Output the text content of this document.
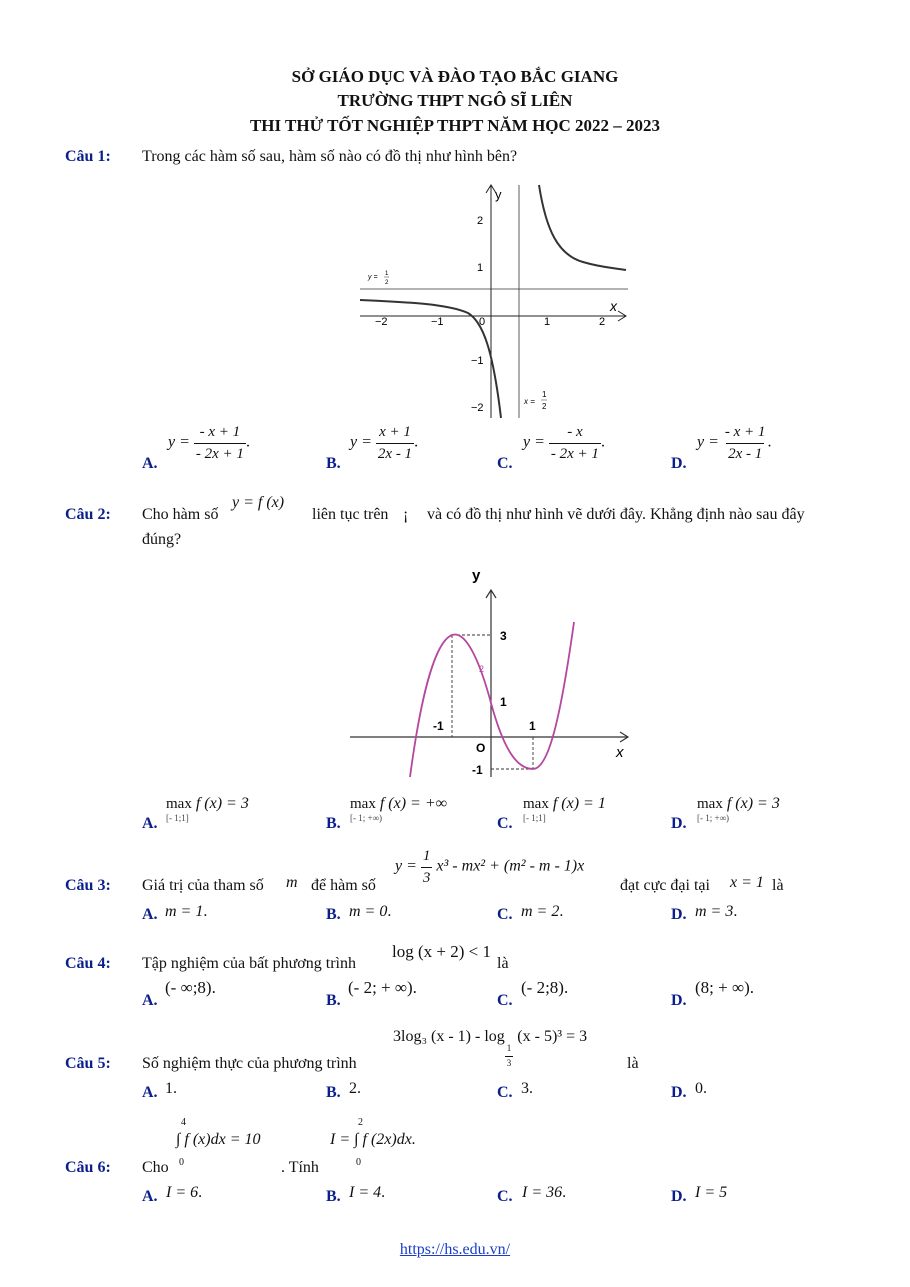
SỞ GIÁO DỤC VÀ ĐÀO TẠO BẮC GIANG
TRƯỜNG THPT NGÔ SĨ LIÊN
THI THỬ TỐT NGHIỆP THPT NĂM HỌC 2022 – 2023
Câu 1: Trong các hàm số sau, hàm số nào có đồ thị như hình bên?
y
x
−2	−1	0	1	2
2
1
−1
−2
y = 1
2
x =
1
2
A.
$y = \frac{- x + 1}{- 2x + 1}$ .
B.
$y = \frac{x + 1}{2x - 1}$ .
C.
$y = \frac{- x}{- 2x + 1}$ .
D.
$y = \frac{- x + 1}{2x - 1}$ .
Câu 2: Cho hàm số
y = f (x)
liên tục trên ¡ và có đồ thị như hình vẽ dưới đây. Khẳng định nào sau đây
đúng?
y
x
O
3
2
1
-1
-1	1
A.
max f (x) = 3
[- 1;1]	B.
max f (x) = +∞
[- 1; +∞)	C.
max f (x) = 1
[- 1;1]	D.
max f (x) = 3
[- 1; +∞)
Câu 3: Giá trị của tham số m để hàm số
$y = \frac{1}{3} x^3 - mx^2 + (m^2 - m - 1)x$
đạt cực đại tại x = 1 là
A. m = 1.	B. m = 0.	C. m = 2.	D. m = 3.
Câu 4: Tập nghiệm của bất phương trình
log (x + 2) < 1
là
A.
(- ∞;8).
B.
(- 2; + ∞).
C.
(- 2;8).
D.
(8; + ∞).
Câu 5: Số nghiệm thực của phương trình
3log₃ (x - 1) - log
$\frac{1}{3}$
(x - 5)³ = 3
là
A. 1.	B. 2.	C. 3.	D. 0.
Câu 6: Cho
4
∫ f (x)dx = 10
0	. Tính
2
I = ∫ f (2x)dx.
0
A. I = 6.	B. I = 4.	C. I = 36.	D. I = 5
https://hs.edu.vn/
